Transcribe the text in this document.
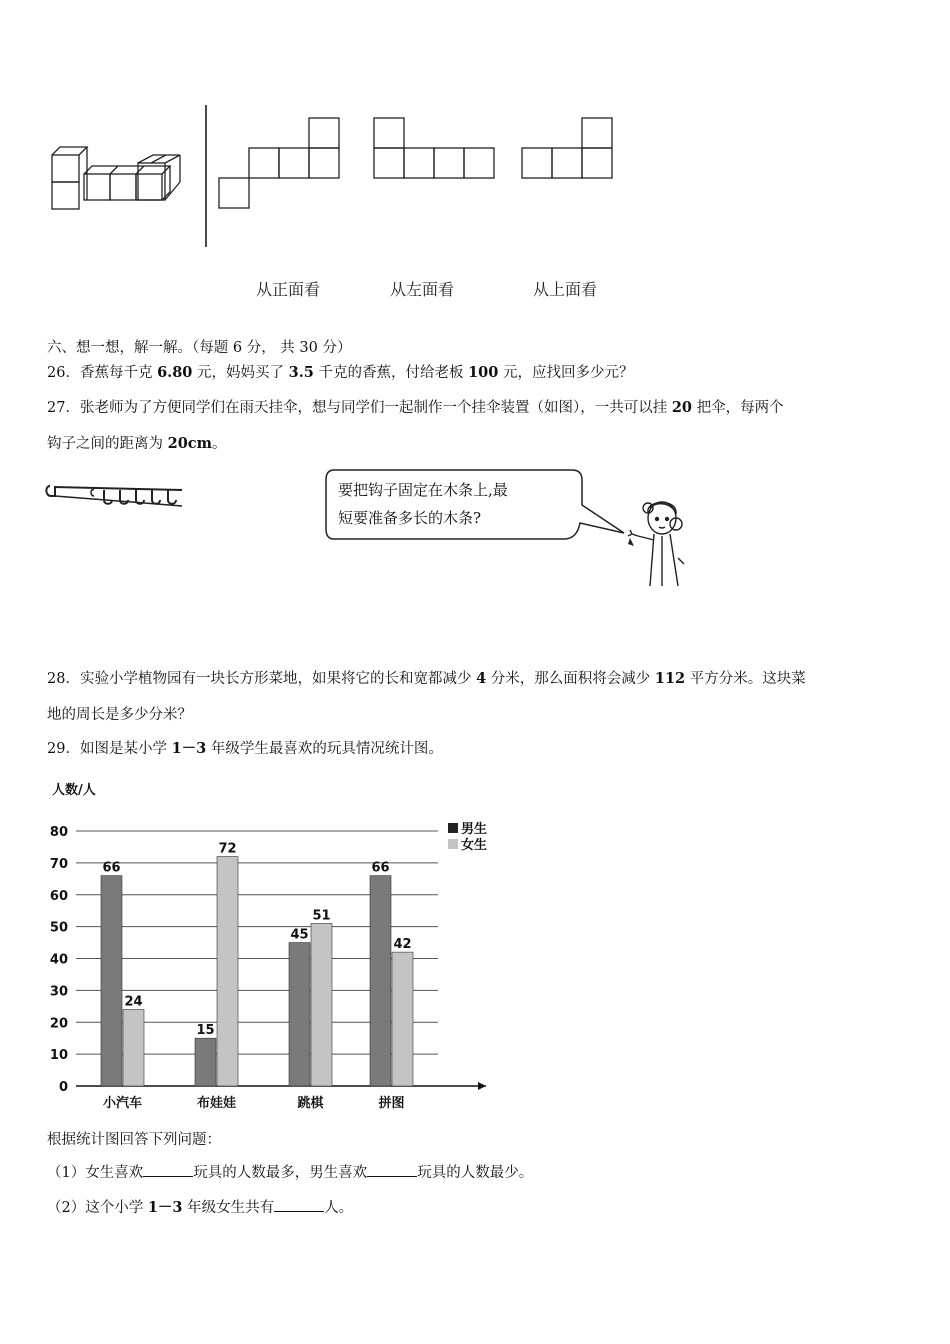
从正面看	从左面看	从上面看
六、想一想，解一解。（每题 6 分， 共 30 分）
26．香蕉每千克 6.80 元，妈妈买了 3.5 千克的香蕉，付给老板 100 元，应找回多少元？
27．张老师为了方便同学们在雨天挂伞，想与同学们一起制作一个挂伞装置（如图），一共可以挂 20 把伞，每两个
钩子之间的距离为 20cm。
要把钩子固定在木条上,最
短要准备多长的木条?
28．实验小学植物园有一块长方形菜地，如果将它的长和宽都减少 4 分米，那么面积将会减少 112 平方分米。这块菜
地的周长是多少分米？
29．如图是某小学 1－3 年级学生最喜欢的玩具情况统计图。
人数/人
0
10
20
30
40
50
60
70
80
66
24
15
72
45
51
66
42
小汽车	布娃娃	跳棋	拼图
男生
女生
根据统计图回答下列问题：
（1）女生喜欢	玩具的人数最多，男生喜欢	玩具的人数最少。
（2）这个小学 1－3 年级女生共有	人。
